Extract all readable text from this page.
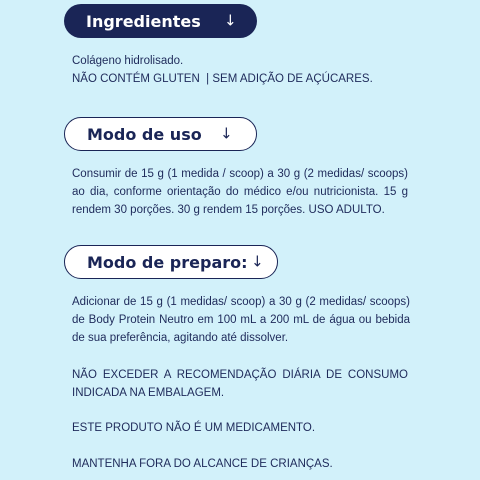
Ingredientes ↓
Colágeno hidrolisado.
NÃO CONTÉM GLUTEN  | SEM ADIÇÃO DE AÇÚCARES.
Modo de uso ↓
Consumir de 15 g (1 medida / scoop) a 30 g (2 medidas/ scoops) ao dia, conforme orientação do médico e/ou nutricionista. 15 g rendem 30 porções. 30 g rendem 15 porções. USO ADULTO.
Modo de preparo: ↓
Adicionar de 15 g (1 medidas/ scoop) a 30 g (2 medidas/ scoops) de Body Protein Neutro em 100 mL a 200 mL de água ou bebida de sua preferência, agitando até dissolver.
NÃO EXCEDER A RECOMENDAÇÃO DIÁRIA DE CONSUMO INDICADA NA EMBALAGEM.
ESTE PRODUTO NÃO É UM MEDICAMENTO.
MANTENHA FORA DO ALCANCE DE CRIANÇAS.
